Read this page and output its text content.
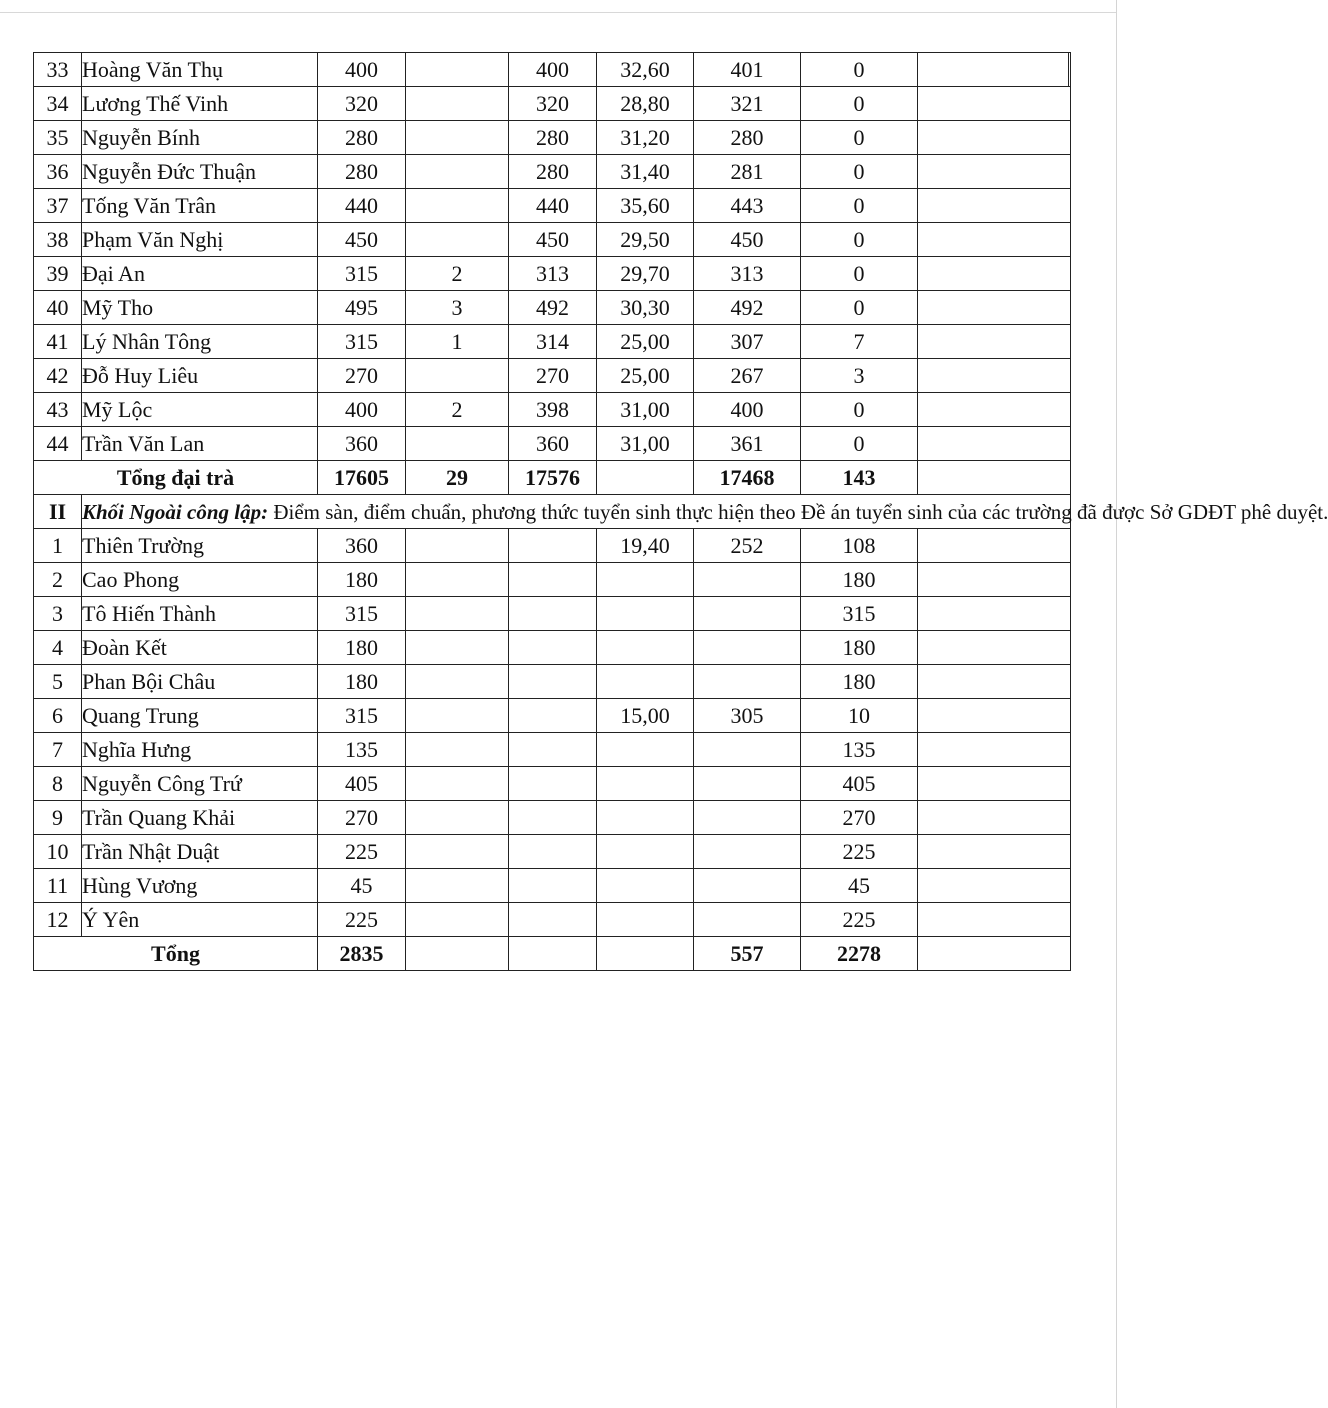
33	Hoàng Văn Thụ	400		400	32,60	401	0	
34	Lương Thế Vinh	320		320	28,80	321	0	
35	Nguyễn Bính	280		280	31,20	280	0	
36	Nguyễn Đức Thuận	280		280	31,40	281	0	
37	Tống Văn Trân	440		440	35,60	443	0	
38	Phạm Văn Nghị	450		450	29,50	450	0	
39	Đại An	315	2	313	29,70	313	0	
40	Mỹ Tho	495	3	492	30,30	492	0	
41	Lý Nhân Tông	315	1	314	25,00	307	7	
42	Đỗ Huy Liêu	270		270	25,00	267	3	
43	Mỹ Lộc	400	2	398	31,00	400	0	
44	Trần Văn Lan	360		360	31,00	361	0	
Tổng đại trà		17605	29	17576		17468	143	
II	Khối Ngoài công lập: Điểm sàn, điểm chuẩn, phương thức tuyển sinh thực hiện theo Đề án tuyển sinh của các trường đã được Sở GDĐT phê duyệt.							
1	Thiên Trường	360			19,40	252	108	
2	Cao Phong	180					180	
3	Tô Hiến Thành	315					315	
4	Đoàn Kết	180					180	
5	Phan Bội Châu	180					180	
6	Quang Trung	315			15,00	305	10	
7	Nghĩa Hưng	135					135	
8	Nguyễn Công Trứ	405					405	
9	Trần Quang Khải	270					270	
10	Trần Nhật Duật	225					225	
11	Hùng Vương	45					45	
12	Ý Yên	225					225	
Tổng		2835				557	2278	
